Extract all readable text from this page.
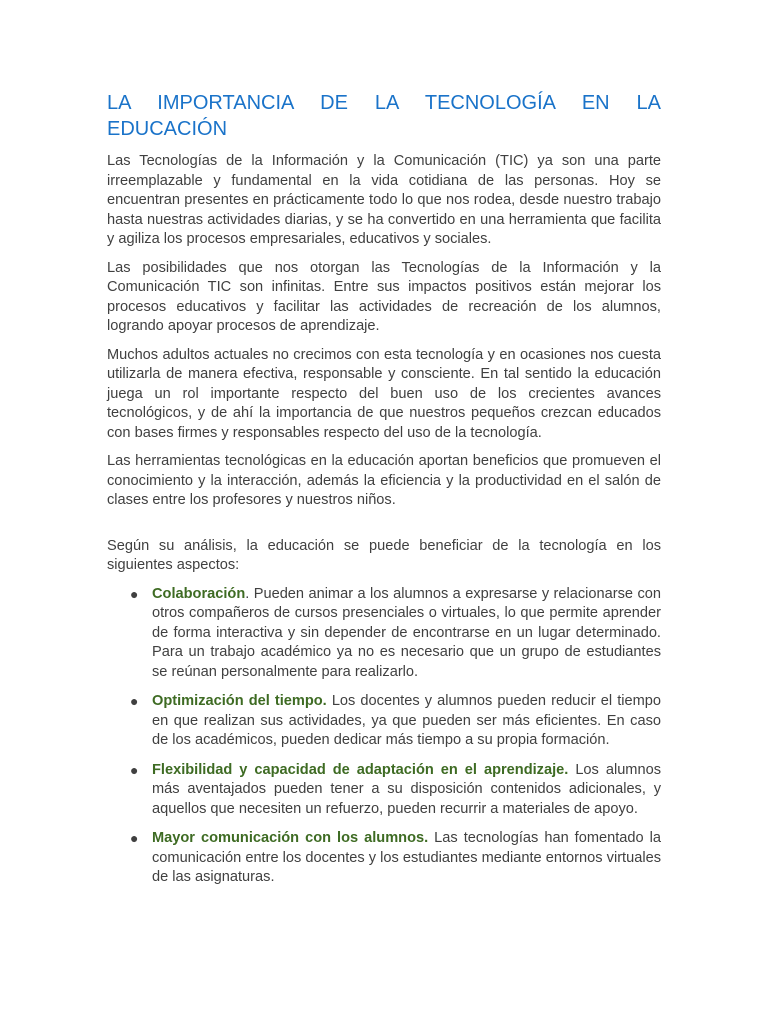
LA IMPORTANCIA DE LA TECNOLOGÍA EN LA
EDUCACIÓN

Las Tecnologías de la Información y la Comunicación (TIC) ya son una parte irreemplazable y fundamental en la vida cotidiana de las personas. Hoy se encuentran presentes en prácticamente todo lo que nos rodea, desde nuestro trabajo hasta nuestras actividades diarias, y se ha convertido en una herramienta que facilita y agiliza los procesos empresariales, educativos y sociales.

Las posibilidades que nos otorgan las Tecnologías de la Información y la Comunicación TIC son infinitas. Entre sus impactos positivos están mejorar los procesos educativos y facilitar las actividades de recreación de los alumnos, logrando apoyar procesos de aprendizaje.

Muchos adultos actuales no crecimos con esta tecnología y en ocasiones nos cuesta utilizarla de manera efectiva, responsable y consciente. En tal sentido la educación juega un rol importante respecto del buen uso de los crecientes avances tecnológicos, y de ahí la importancia de que nuestros pequeños crezcan educados con bases firmes y responsables respecto del uso de la tecnología.

Las herramientas tecnológicas en la educación aportan beneficios que promueven el conocimiento y la interacción, además la eficiencia y la productividad en el salón de clases entre los profesores y nuestros niños.

Según su análisis, la educación se puede beneficiar de la tecnología en los siguientes aspectos:

● Colaboración. Pueden animar a los alumnos a expresarse y relacionarse con otros compañeros de cursos presenciales o virtuales, lo que permite aprender de forma interactiva y sin depender de encontrarse en un lugar determinado. Para un trabajo académico ya no es necesario que un grupo de estudiantes se reúnan personalmente para realizarlo.
● Optimización del tiempo. Los docentes y alumnos pueden reducir el tiempo en que realizan sus actividades, ya que pueden ser más eficientes. En caso de los académicos, pueden dedicar más tiempo a su propia formación.
● Flexibilidad y capacidad de adaptación en el aprendizaje. Los alumnos más aventajados pueden tener a su disposición contenidos adicionales, y aquellos que necesiten un refuerzo, pueden recurrir a materiales de apoyo.
● Mayor comunicación con los alumnos. Las tecnologías han fomentado la comunicación entre los docentes y los estudiantes mediante entornos virtuales de las asignaturas.
